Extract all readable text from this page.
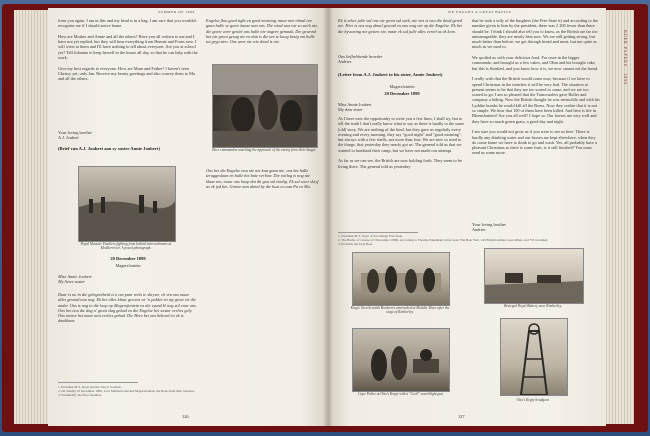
BOER PAPERS · 1899
SUMMER OF 1899

from you again. I am in this and my head is in a bag. I am sure that you wouldn't recognise me if I should arrive home.

How are Mother and Annie and all the others? Have you all written to me and I have not yet replied, but they will hear everything from Hennie and Frans now. I will write to them and I'll have nothing to tell about everyone. Are you at school yet? Tell Johanna to keep herself in the house all day, so that he can help with the work.

Give my best regards to everyone. How are Mum and Father? I haven't seen Chrissy yet, only Jan. Receive my hearty greetings and also convey them to Ma and all the others.

Your loving brother
A.J. Joubert

(Brief van A.J. Joubert aan sy suster Annie Joubert)

Engelse flou goed tight en goed morning, maar met almal om gaan hulle se goeie kanse aan ons. Die wind was nie so sterk nie, die goeie weer geniet ons hulle nie ongeer gemaak. Die gewond het nie groot gesag nie en dan is die ure te hoog besig om hulle tot gryp sien. Ons weet nie wie dood is nie.

Boer commandos watching the approach of the enemy from their laager

Royal Munster Fusiliers fighting from behind entrenchments at Modderrivier. A posed photograph.

Ons het die Engelse nou nie net laat gaan nie, ons het hulle teruggeslaan en hulle het baie verloor. Die oorlog is nog nie klaar nie, maar ons hoop dat dit gou sal eindig. Ek sal weer skryf as ek tyd het. Groete aan almal by die huis en aan Pa en Ma.

20 December 1899

Magersfontein

Mise Annie Joubert
My liewe suster

Daar is nu in die gelegentheid is n om paar reels te skrywe, ek vra ons maar alles gesond nou nog. Ek het alles klaar gewees vir 'n pakkie en my groet vir die ander. Ons is nog in die loop op Magersfontein en die vyand lê nog stil voor ons. Ons het nou die dag n' groot slag gehad en die Engelse het swaar verlies gely. Ons mense het maar min verlies gehad. Die Here het ons behoed en ek is dankbaar.

1. President M.T. Steyn and the 'Steyn' Gardens.
2. On Sunday 10 December 1899, Lord Methuen attacked Magersfontein; the Boers held their trenches.
3. Presumably the Boer fatalities.

126
WE FOUGHT A GREAT BATTLE

Ek is seker julle sal ons nie groot sal soek, nie ons is van die dood gered nie. Hier is ons nog almal gesond en ons wag net op die Engelse. Ek het die bywoning nie gesien nie, maar ek sal julle alles vertel as ek kom.

Ons liefhebbende broeder
Andries

(Letter from A.J. Joubert to his sister, Annie Joubert)

Magersfontein

20 December 1899

Miss Annie Joubert
My dear sister

As I have now the opportunity to write you a few lines, I shall try, but to tell the truth I don't really know what to say as there is hardly to the same [old] story. We are nothing of the kind, but they gave us regularly every evening and every morning, they say "good night" and "good morning", but always with a few shells, not more than four. We are now so used to the things, that yesterday they nearly got us. The general told us that we wanted to bombard their camp, but we have not made our attempt.

As far as we can see, the British are now holding forth. They seem to be living there. The general told us yesterday

that he took a tally of the burghers (the Free State it) and according to the number given to him by the president, there was 2 200 fewer than there should be. I think I should also tell you to know, as the British are far too unmanageable, they are nearly beat now. We are still getting strong, but much better than before; we get through bread and meat, but not quite as much as we used to.

We spoiled us with your delicious food. For once in the bigger commando, and brought us a few cakes, and Ohm and his brought cake, but this is finished, and you know how it is, we now cannot eat the bread.

I really wish that the British would come now, because if we have to spend Christmas in the trenches it will be very bad. The situation at present seems to be that they are too scared to come, and we are too scared to go. I am so pleased that the Transvaalers gave Buller and company a hiding. Now the British thought he was invincible and with his Lyddite bombs he would kill all the Boers. Now they realise that it is not so simple. We hear that 100 of them have been killed. And here is life in Bloemfontein? Are you all well? I hope so. Our horses are very well and they have so much green grass, a good day and night.

I am sure you would not grow as if you were to see us here. There is hardly any drinking water and our horses are kept elsewhere, when they do come home we have to think to go and wash. Yes, all probably have a pleasant Christmas as there is some fruit; is it still finished? You must send us some more.

Your loving brother
Andries

1. President M.T. Steyn of the Orange Free State.
2. The Battle of Colenso (15 December 1899). According to Thomas Pakenham in his book 'The Boer War', 143 British soldiers were killed, and 755 wounded.
3. Probably the forty Boer.

King's Own Scottish Borderers entrenched at Modder River after the siege of Kimberley.

Besieged Royal Battery near Kimberley.

Cape Police at Otto's Kopje with a "Cecil" searchlight gun.

Otto's Kopje headgear.

127
